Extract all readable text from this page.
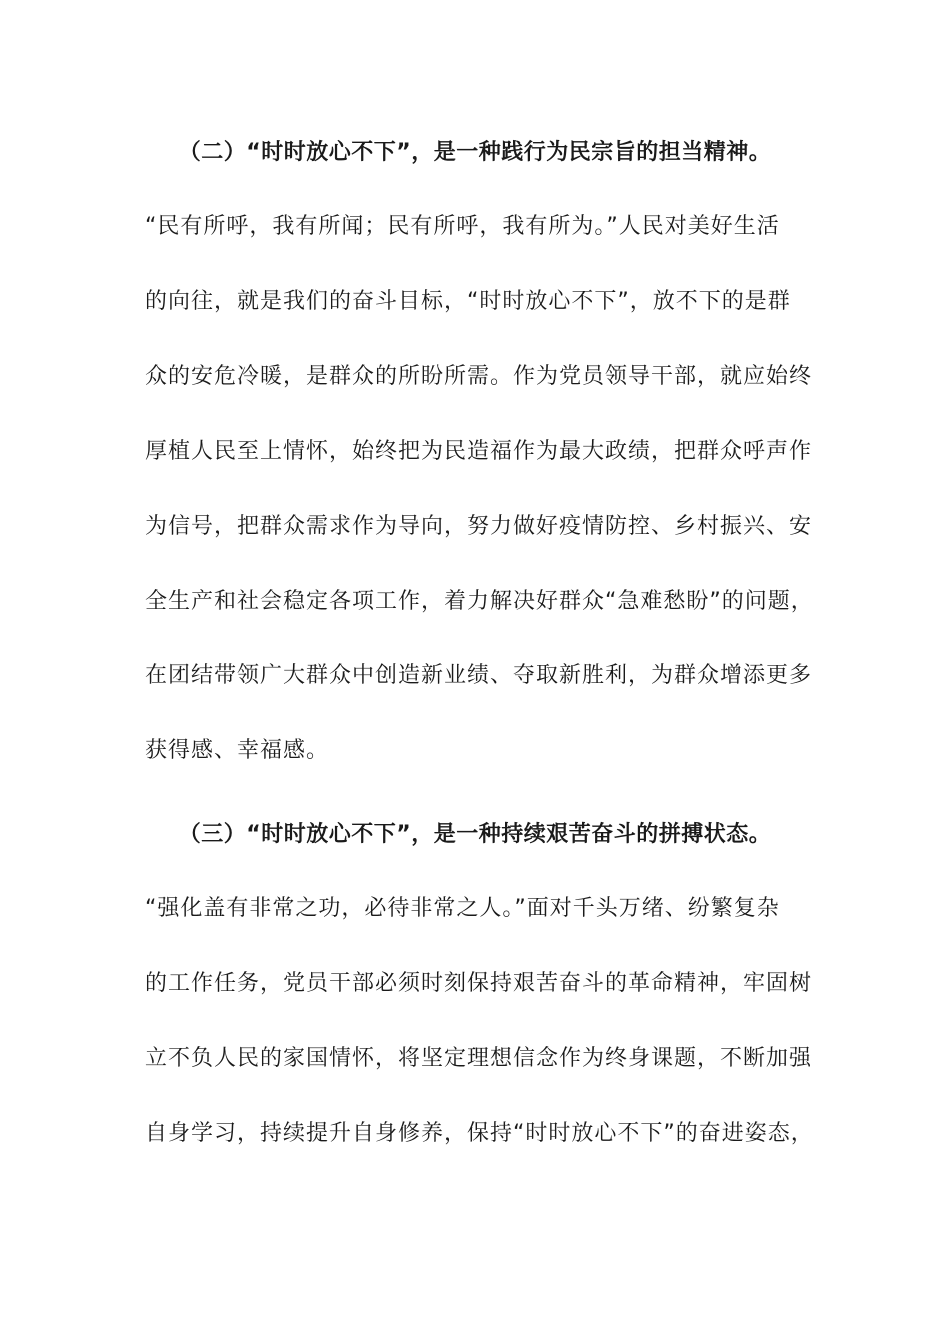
（二）“时时放心不下”，是一种践行为民宗旨的担当精神。
“民有所呼，我有所闻；民有所呼，我有所为。”人民对美好生活
的向往，就是我们的奋斗目标，“时时放心不下”，放不下的是群
众的安危冷暖，是群众的所盼所需。作为党员领导干部，就应始终
厚植人民至上情怀，始终把为民造福作为最大政绩，把群众呼声作
为信号，把群众需求作为导向，努力做好疫情防控、乡村振兴、安
全生产和社会稳定各项工作，着力解决好群众“急难愁盼”的问题，
在团结带领广大群众中创造新业绩、夺取新胜利，为群众增添更多
获得感、幸福感。
（三）“时时放心不下”，是一种持续艰苦奋斗的拼搏状态。
“强化盖有非常之功，必待非常之人。”面对千头万绪、纷繁复杂
的工作任务，党员干部必须时刻保持艰苦奋斗的革命精神，牢固树
立不负人民的家国情怀，将坚定理想信念作为终身课题，不断加强
自身学习，持续提升自身修养，保持“时时放心不下”的奋进姿态，
